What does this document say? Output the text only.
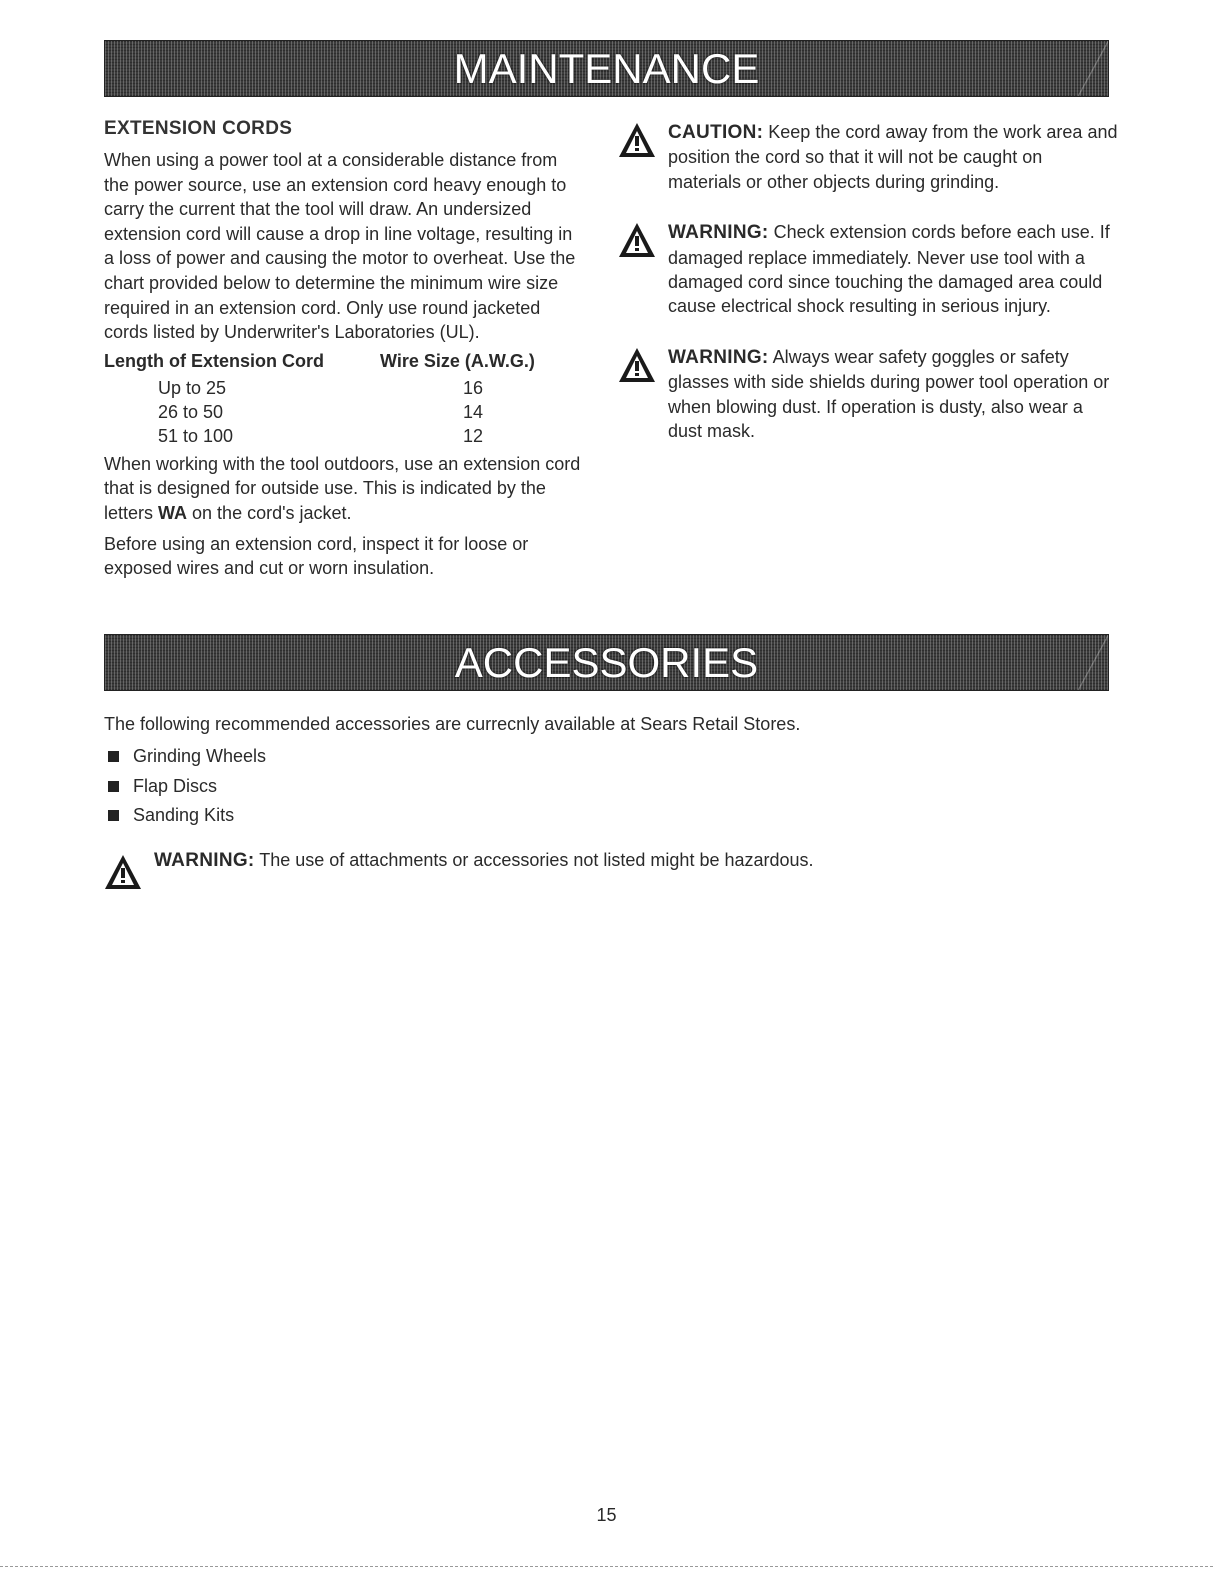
MAINTENANCE
EXTENSION CORDS

When using a power tool at a considerable distance from the power source, use an extension cord heavy enough to carry the current that the tool will draw. An undersized extension cord will cause a drop in line voltage, resulting in a loss of power and causing the motor to overheat. Use the chart provided below to determine the minimum wire size required in an extension cord. Only use round jacketed cords listed by Underwriter's Laboratories (UL).

Length of Extension Cord	Wire Size (A.W.G.)
Up to 25	16
26 to 50	14
51 to 100	12

When working with the tool outdoors, use an extension cord that is designed for outside use. This is indicated by the letters WA on the cord's jacket.

Before using an extension cord, inspect it for loose or exposed wires and cut or worn insulation.

CAUTION: Keep the cord away from the work area and position the cord so that it will not be caught on materials or other objects during grinding.
WARNING: Check extension cords before each use. If damaged replace immediately. Never use tool with a damaged cord since touching the damaged area could cause electrical shock resulting in serious injury.
WARNING: Always wear safety goggles or safety glasses with side shields during power tool operation or when blowing dust. If operation is dusty, also wear a dust mask.
ACCESSORIES

The following recommended accessories are currecnly available at Sears Retail Stores.

Grinding Wheels
Flap Discs
Sanding Kits
WARNING: The use of attachments or accessories not listed might be hazardous.
15
